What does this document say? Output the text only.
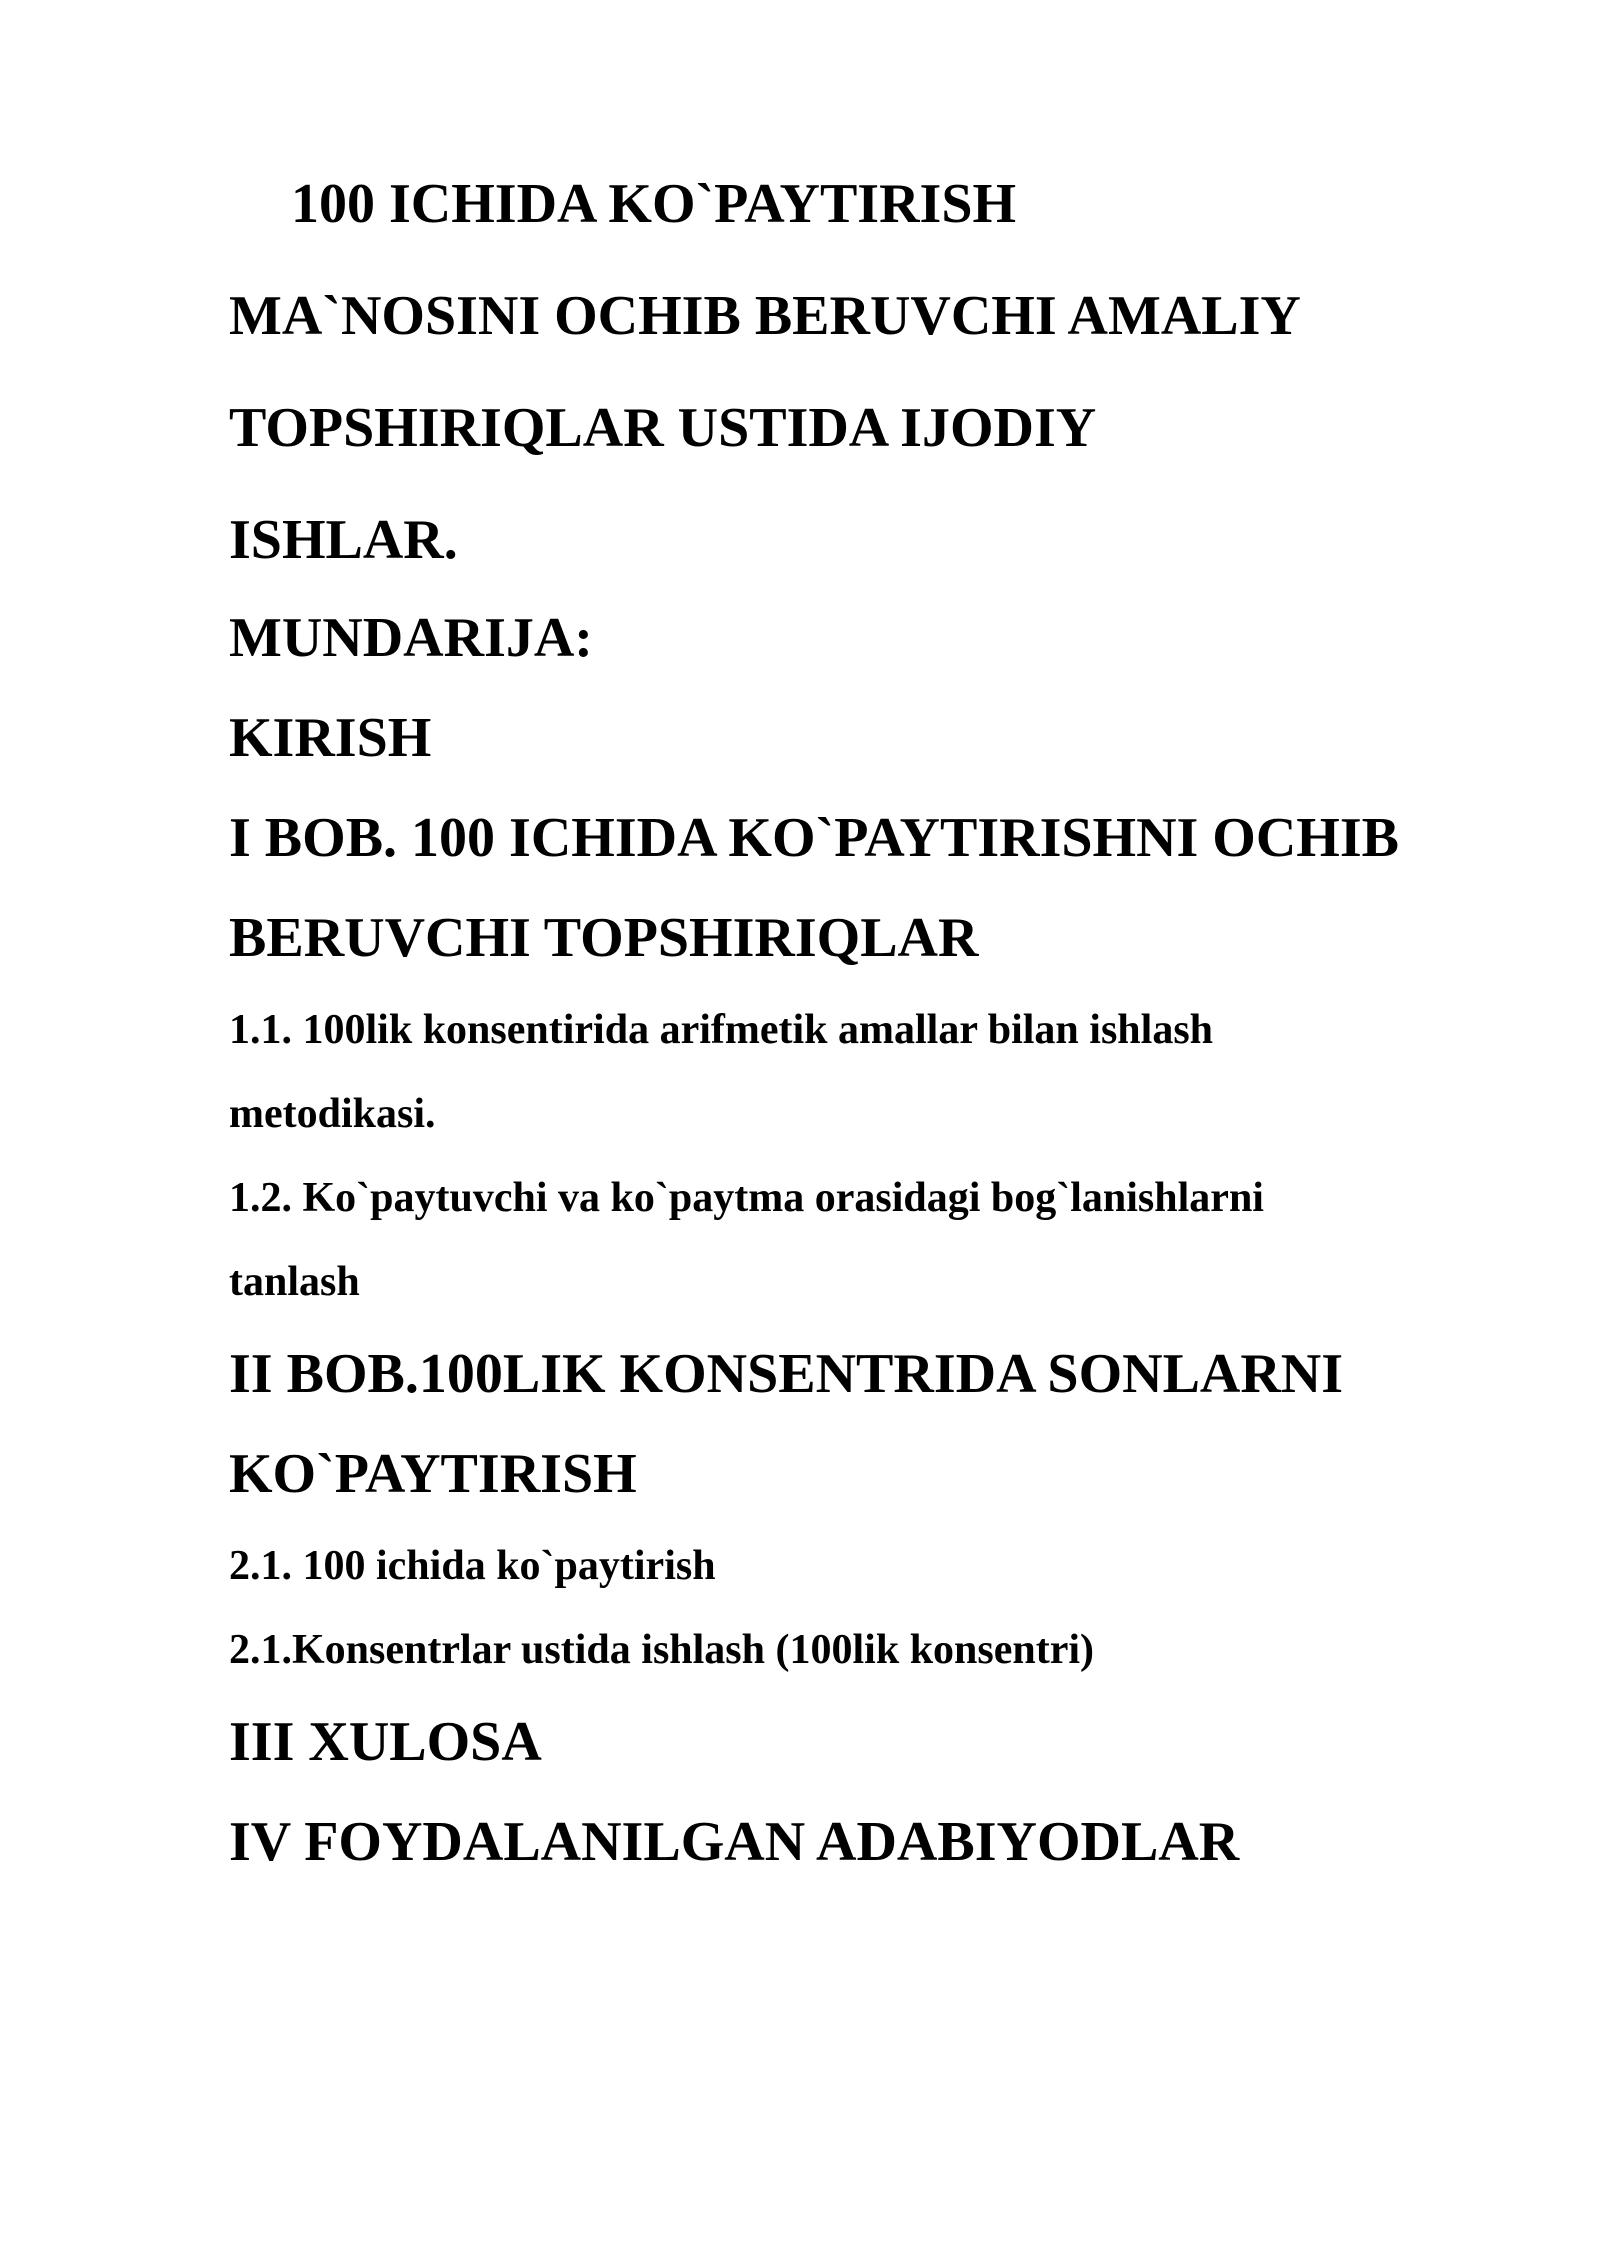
100 ICHIDA KO`PAYTIRISH
MA`NOSINI OCHIB BERUVCHI AMALIY
TOPSHIRIQLAR USTIDA IJODIY
ISHLAR.

MUNDARIJA:

KIRISH

I BOB. 100 ICHIDA KO`PAYTIRISHNI OCHIB
BERUVCHI TOPSHIRIQLAR

1.1. 100lik konsentirida arifmetik amallar bilan ishlash
metodikasi.

1.2. Ko`paytuvchi va ko`paytma orasidagi bog`lanishlarni
tanlash

II BOB.100LIK KONSENTRIDA SONLARNI
KO`PAYTIRISH

2.1. 100 ichida ko`paytirish

2.1.Konsentrlar ustida ishlash (100lik konsentri)

III XULOSA

IV FOYDALANILGAN ADABIYODLAR
